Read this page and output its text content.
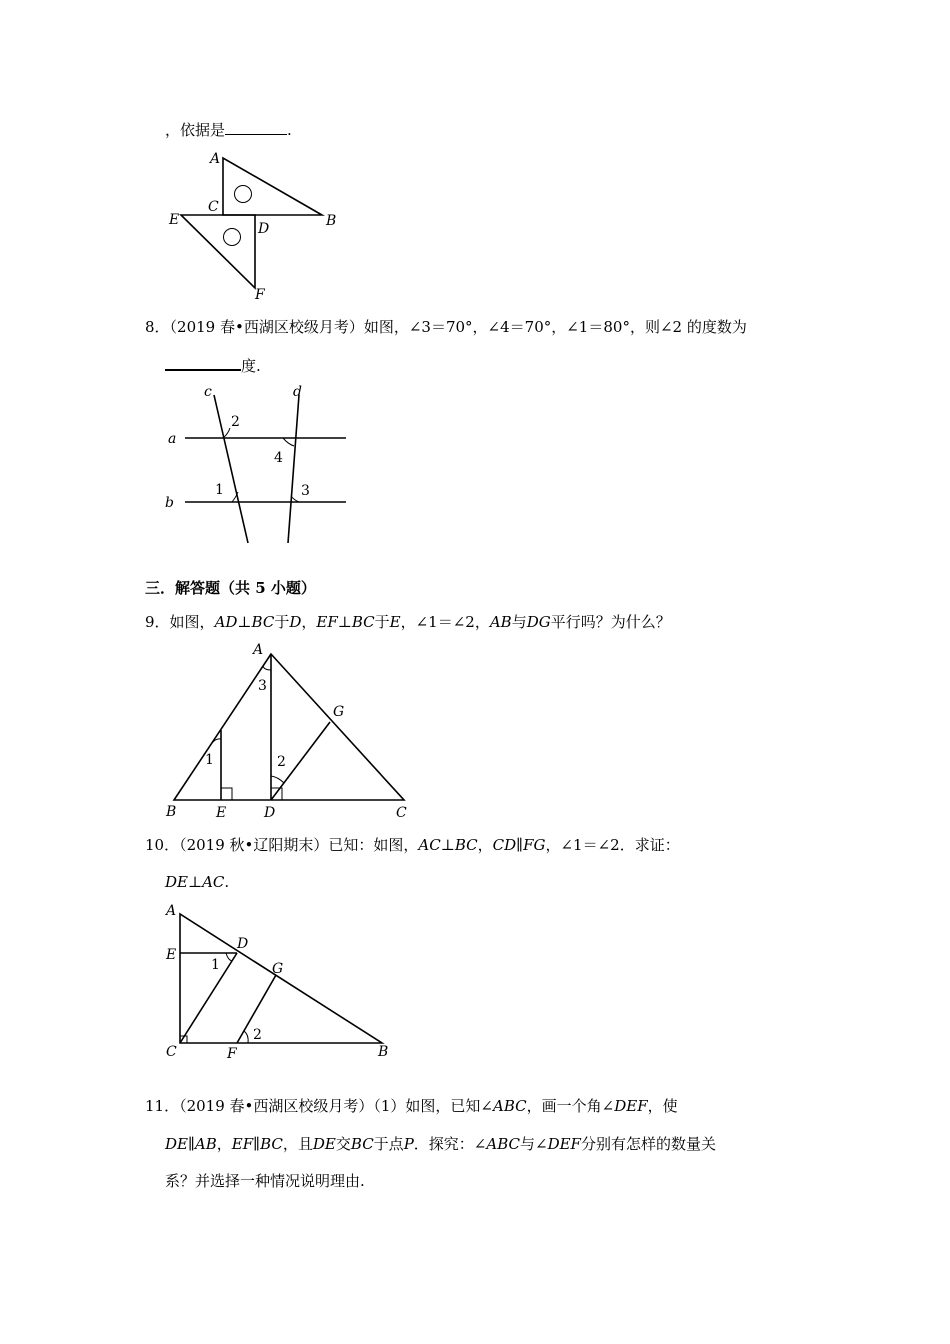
，依据是	.
A
B
C
D
E
F
8．（2019 春•西湖区校级月考）如图，∠3＝70°，∠4＝70°，∠1＝80°，则∠2 的度数为
度.
c	d
a
b
2
4
1	3
三．解答题（共 5 小题）
9．如图，AD⊥BC于D，EF⊥BC于E，∠1＝∠2，AB与DG平行吗？为什么？
A
B	C
D
E
G
1	2
3
10．（2019 秋•辽阳期末）已知：如图，AC⊥BC，CD∥FG，∠1＝∠2．求证：
DE⊥AC.
A
E
D
G
C	F	B
1
2
11．（2019 春•西湖区校级月考）（1）如图，已知∠ABC，画一个角∠DEF，使
DE∥AB，EF∥BC，且DE交BC于点P．探究：∠ABC与∠DEF分别有怎样的数量关
系？并选择一种情况说明理由.
